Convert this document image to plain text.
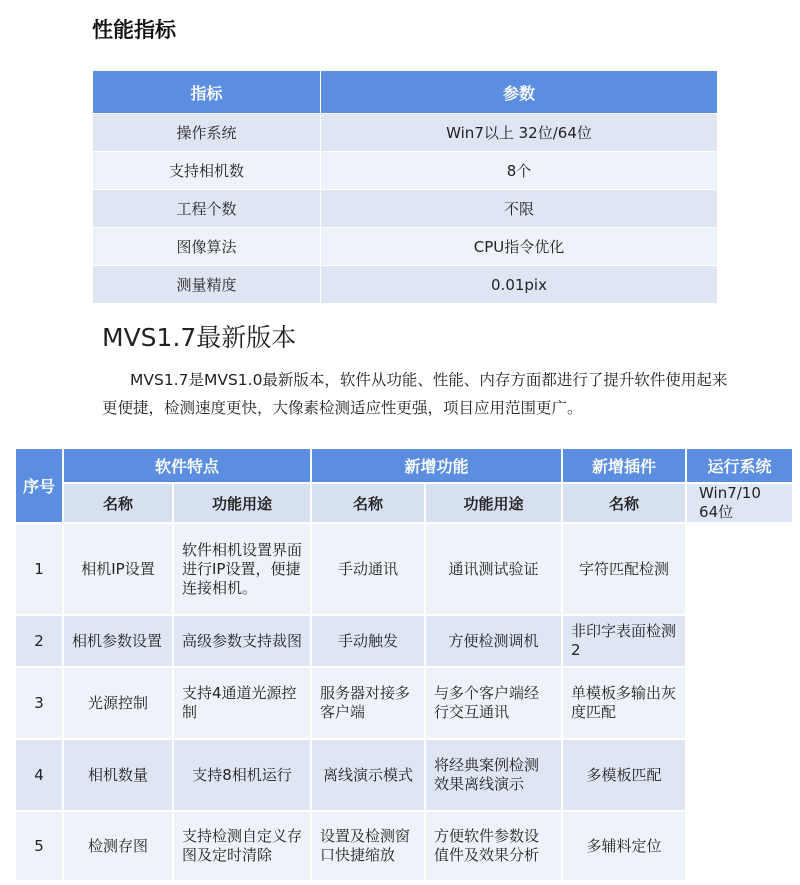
性能指标
指标	参数
操作系统	Win7以上 32位/64位
支持相机数	8个
工程个数	不限
图像算法	CPU指令优化
测量精度	0.01pix
MVS1.7最新版本
MVS1.7是MVS1.0最新版本，软件从功能、性能、内存方面都进行了提升软件使用起来更便捷，检测速度更快，大像素检测适应性更强，项目应用范围更广。
序号	软件特点		新增功能		新增插件	运行系统
	名称	功能用途	名称	功能用途	名称	Win7/10 64位
1	相机IP设置	软件相机设置界面进行IP设置，便捷连接相机。	手动通讯	通讯测试验证	字符匹配检测	
2	相机参数设置	高级参数支持裁图	手动触发	方便检测调机	非印字表面检测2	
3	光源控制	支持4通道光源控制	服务器对接多客户端	与多个客户端经行交互通讯	单模板多输出灰度匹配	
4	相机数量	支持8相机运行	离线演示模式	将经典案例检测效果离线演示	多模板匹配	
5	检测存图	支持检测自定义存图及定时清除	设置及检测窗口快捷缩放	方便软件参数设值件及效果分析	多辅料定位	
